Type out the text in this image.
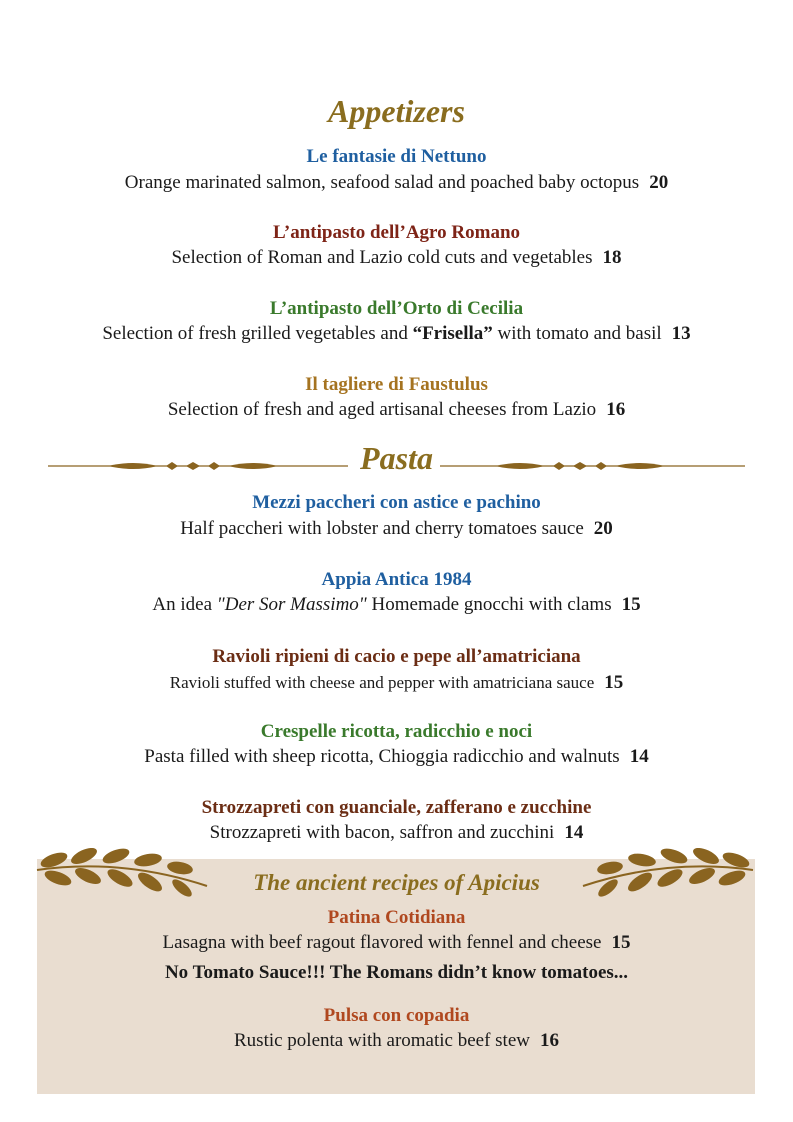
Appetizers
Le fantasie di Nettuno
Orange marinated salmon, seafood salad and poached baby octopus 20
L’antipasto dell’Agro Romano
Selection of Roman and Lazio cold cuts and vegetables 18
L’antipasto dell’Orto di Cecilia
Selection of fresh grilled vegetables and “Frisella” with tomato and basil 13
Il tagliere di Faustulus
Selection of fresh and aged artisanal cheeses from Lazio 16
Pasta
Mezzi paccheri con astice e pachino
Half paccheri with lobster and cherry tomatoes sauce 20
Appia Antica 1984
An idea "Der Sor Massimo" Homemade gnocchi with clams 15
Ravioli ripieni di cacio e pepe all’amatriciana
Ravioli stuffed with cheese and pepper with amatriciana sauce 15
Crespelle ricotta, radicchio e noci
Pasta filled with sheep ricotta, Chioggia radicchio and walnuts 14
Strozzapreti con guanciale, zafferano e zucchine
Strozzapreti with bacon, saffron and zucchini 14
The ancient recipes of Apicius
Patina Cotidiana
Lasagna with beef ragout flavored with fennel and cheese 15
No Tomato Sauce!!! The Romans didn’t know tomatoes...
Pulsa con copadia
Rustic polenta with aromatic beef stew 16
